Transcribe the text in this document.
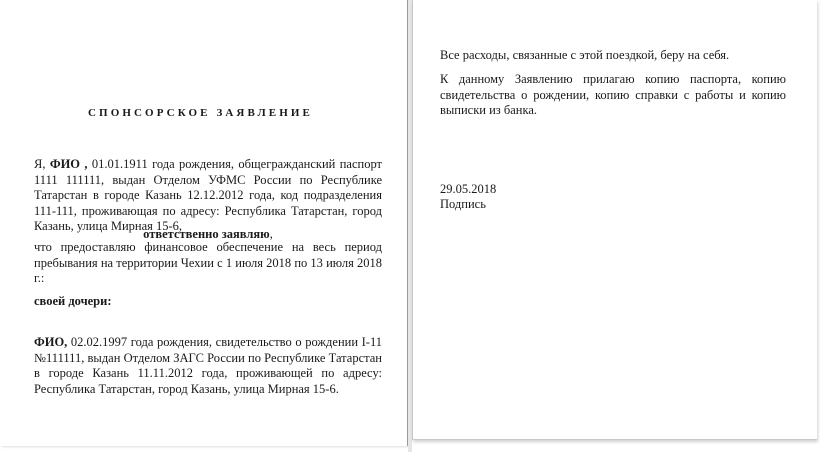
СПОНСОРСКОЕ ЗАЯВЛЕНИЕ

Я, ФИО , 01.01.1911 года рождения, общегражданский паспорт 1111 111111, выдан Отделом УФМС России по Республике Татарстан в городе Казань 12.12.2012 года, код подразделения 111-111, проживающая по адресу: Республика Татарстан, город Казань, улица Мирная 15-6,

ответственно заявляю,

что предоставляю финансовое обеспечение на весь период пребывания на территории Чехии с 1 июля 2018 по 13 июля 2018 г.:

своей дочери:

ФИО, 02.02.1997 года рождения, свидетельство о рождении I-11 №111111, выдан Отделом ЗАГС России по Республике Татарстан в городе Казань 11.11.2012 года, проживающей по адресу: Республика Татарстан, город Казань, улица Мирная 15-6.

Все расходы, связанные с этой поездкой, беру на себя.

К данному Заявлению прилагаю копию паспорта, копию свидетельства о рождении, копию справки с работы и копию выписки из банка.

29.05.2018
Подпись
